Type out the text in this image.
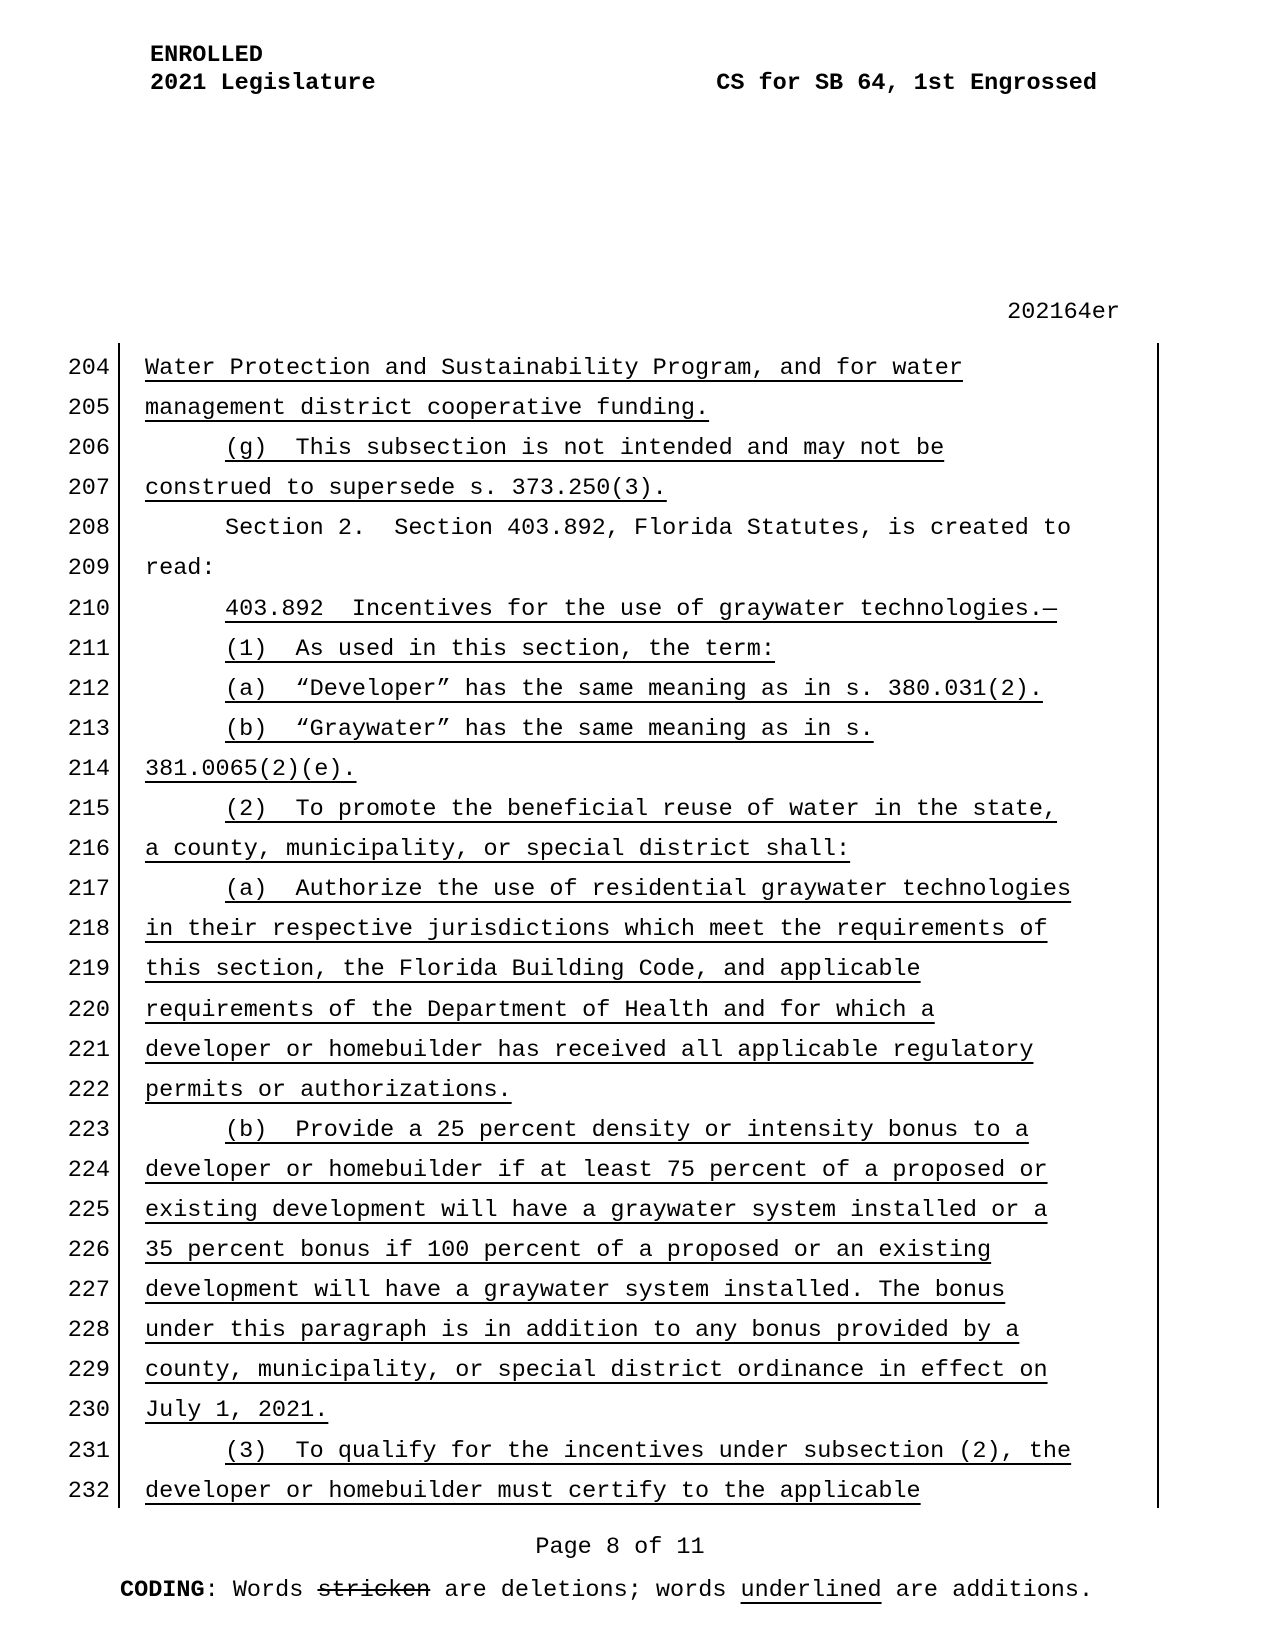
ENROLLED
2021 Legislature	CS for SB 64, 1st Engrossed
202164er
204 Water Protection and Sustainability Program, and for water
205 management district cooperative funding.
206	(g)  This subsection is not intended and may not be
207 construed to supersede s. 373.250(3).
208	Section 2.  Section 403.892, Florida Statutes, is created to
209 read:
210	403.892  Incentives for the use of graywater technologies.—
211	(1)  As used in this section, the term:
212	(a)  “Developer” has the same meaning as in s. 380.031(2).
213	(b)  “Graywater” has the same meaning as in s.
214 381.0065(2)(e).
215	(2)  To promote the beneficial reuse of water in the state,
216 a county, municipality, or special district shall:
217	(a)  Authorize the use of residential graywater technologies
218 in their respective jurisdictions which meet the requirements of
219 this section, the Florida Building Code, and applicable
220 requirements of the Department of Health and for which a
221 developer or homebuilder has received all applicable regulatory
222 permits or authorizations.
223	(b)  Provide a 25 percent density or intensity bonus to a
224 developer or homebuilder if at least 75 percent of a proposed or
225 existing development will have a graywater system installed or a
226 35 percent bonus if 100 percent of a proposed or an existing
227 development will have a graywater system installed. The bonus
228 under this paragraph is in addition to any bonus provided by a
229 county, municipality, or special district ordinance in effect on
230 July 1, 2021.
231	(3)  To qualify for the incentives under subsection (2), the
232 developer or homebuilder must certify to the applicable
Page 8 of 11
CODING: Words stricken are deletions; words underlined are additions.
